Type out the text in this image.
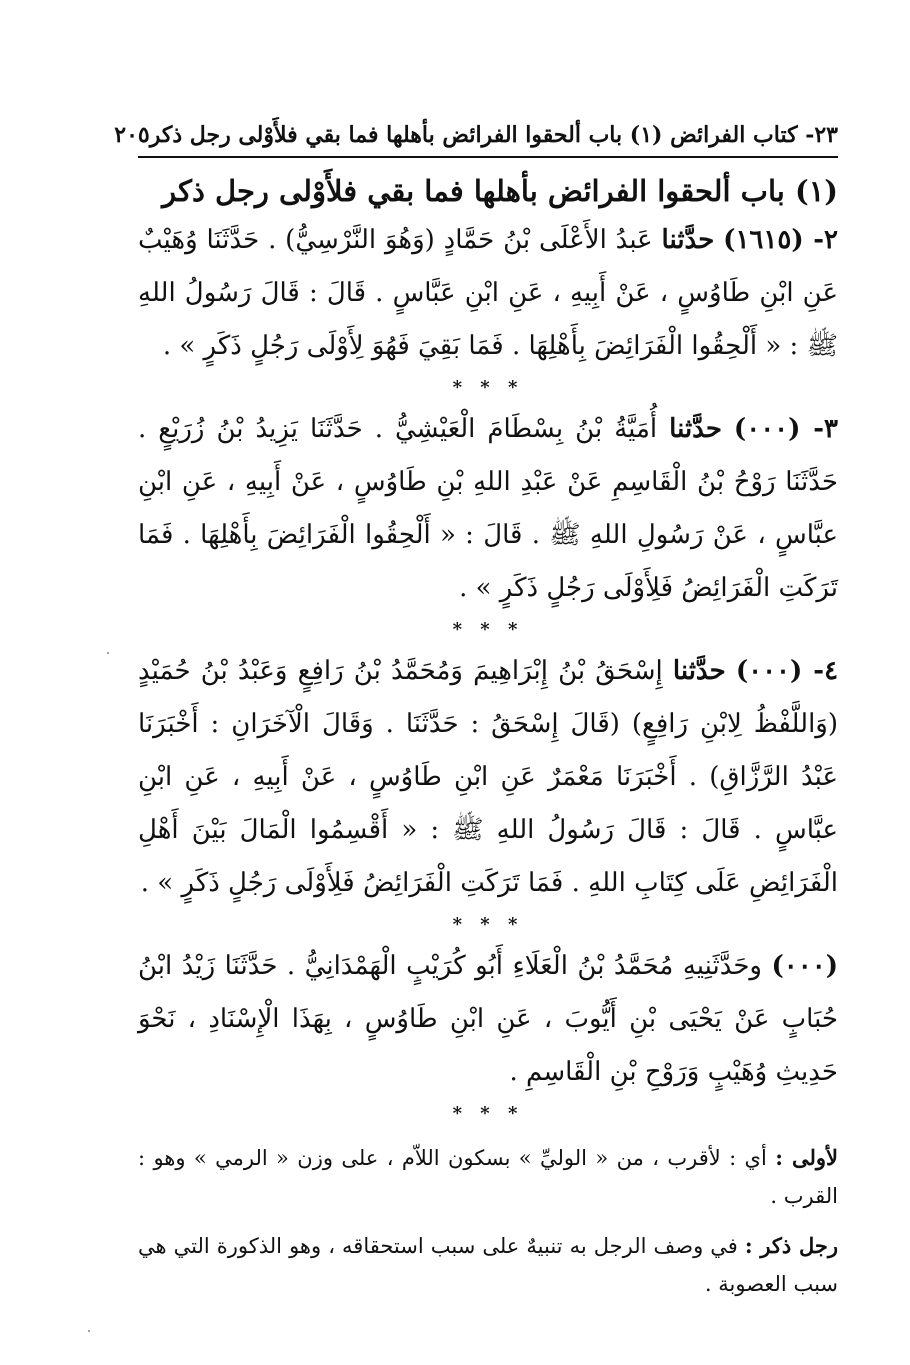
٢٣- كتاب الفرائض (١) باب ألحقوا الفرائض بأهلها فما بقي فلأَوْلى رجل ذكر
٢٠٥
(١) باب ألحقوا الفرائض بأهلها فما بقي فلأَوْلى رجل ذكر

٢- (١٦١٥) حدَّثنا عَبدُ الأَعْلَى بْنُ حَمَّادٍ (وَهُوَ النَّرْسِيُّ) . حَدَّثَنَا وُهَيْبٌ عَنِ ابْنِ طَاوُسٍ ، عَنْ أَبِيهِ ، عَنِ ابْنِ عَبَّاسٍ . قَالَ : قَالَ رَسُولُ اللهِ ﷺ : « أَلْحِقُوا الْفَرَائِضَ بِأَهْلِهَا . فَمَا بَقِيَ فَهُوَ لِأَوْلَى رَجُلٍ ذَكَرٍ » .

* * *

٣- (٠٠٠) حدَّثنا أُمَيَّةُ بْنُ بِسْطَامَ الْعَيْشِيُّ . حَدَّثَنَا يَزِيدُ بْنُ زُرَيْعٍ . حَدَّثَنَا رَوْحُ بْنُ الْقَاسِمِ عَنْ عَبْدِ اللهِ بْنِ طَاوُسٍ ، عَنْ أَبِيهِ ، عَنِ ابْنِ عبَّاسٍ ، عَنْ رَسُولِ اللهِ ﷺ . قَالَ : « أَلْحِقُوا الْفَرَائِضَ بِأَهْلِهَا . فَمَا تَرَكَتِ الْفَرَائِضُ فَلِأَوْلَى رَجُلٍ ذَكَرٍ » .

* * *

٤- (٠٠٠) حدَّثنا إِسْحَقُ بْنُ إِبْرَاهِيمَ وَمُحَمَّدُ بْنُ رَافِعٍ وَعَبْدُ بْنُ حُمَيْدٍ (وَاللَّفْظُ لِابْنِ رَافِعٍ) (قَالَ إِسْحَقُ : حَدَّثَنَا . وَقَالَ الْآخَرَانِ : أَخْبَرَنَا عَبْدُ الرَّزَّاقِ) . أَخْبَرَنَا مَعْمَرٌ عَنِ ابْنِ طَاوُسٍ ، عَنْ أَبِيهِ ، عَنِ ابْنِ عبَّاسٍ . قَالَ : قَالَ رَسُولُ اللهِ ﷺ : « أَقْسِمُوا الْمَالَ بَيْنَ أَهْلِ الْفَرَائِضِ عَلَى كِتَابِ اللهِ . فَمَا تَرَكَتِ الْفَرَائِضُ فَلِأَوْلَى رَجُلٍ ذَكَرٍ » .

* * *

(٠٠٠) وحَدَّثَنِيهِ مُحَمَّدُ بْنُ الْعَلَاءِ أَبُو كُرَيْبٍ الْهَمْدَانِيُّ . حَدَّثَنَا زَيْدُ ابْنُ حُبَابٍ عَنْ يَحْيَى بْنِ أَيُّوبَ ، عَنِ ابْنِ طَاوُسٍ ، بِهَذَا الْإِسْنَادِ ، نَحْوَ حَدِيثِ وُهَيْبٍ وَرَوْحِ بْنِ الْقَاسِمِ .

* * *

لأولى : أي : لأقرب ، من « الوليِّ » بسكون اللاّم ، على وزن « الرمي » وهو : القرب .

رجل ذكر : في وصف الرجل به تنبيهٌ على سبب استحقاقه ، وهو الذكورة التي هي سبب العصوبة .
